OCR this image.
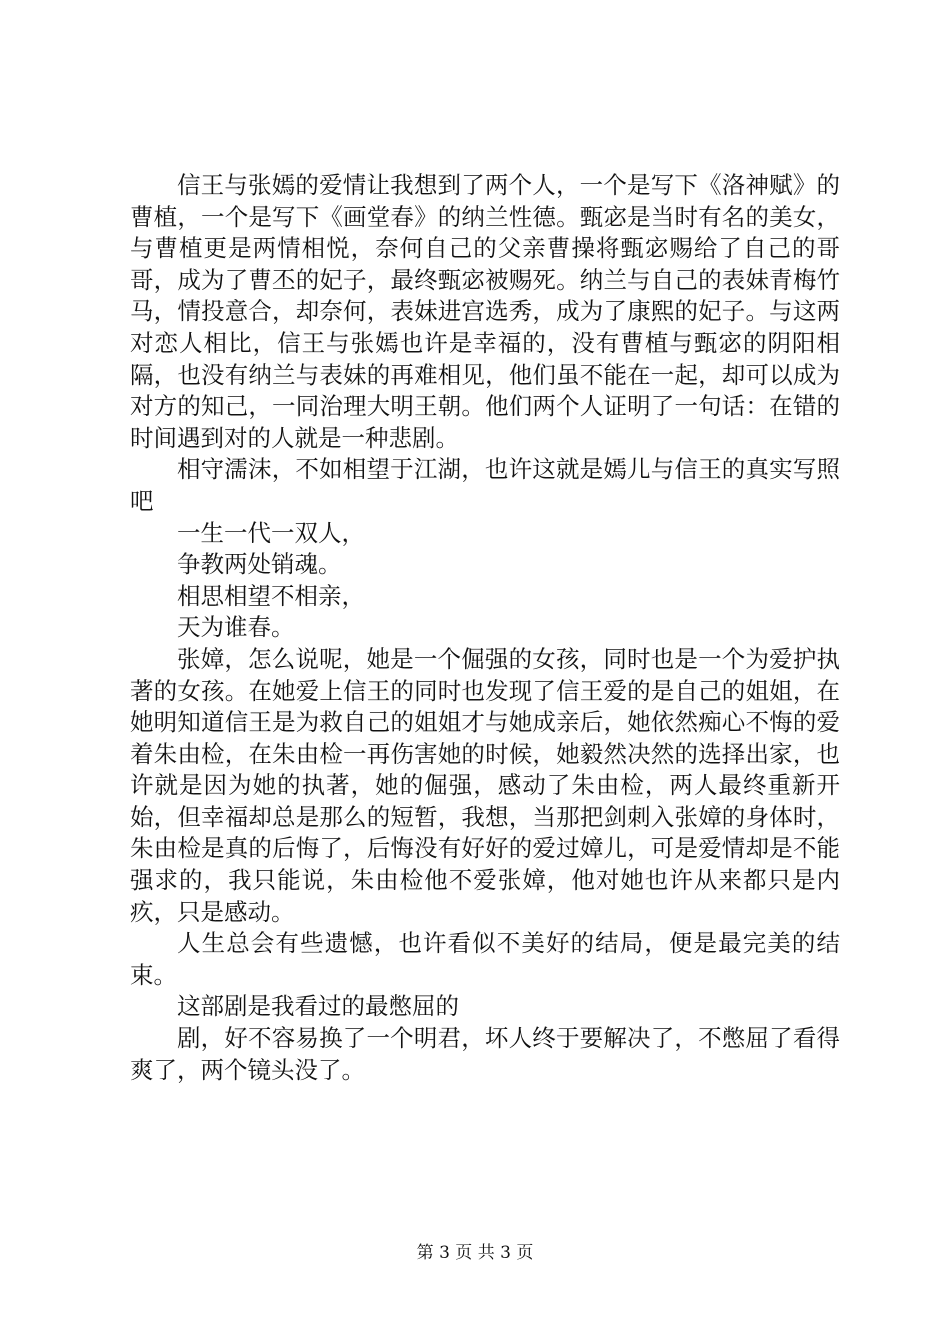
信王与张嫣的爱情让我想到了两个人，一个是写下《洛神赋》的曹植，一个是写下《画堂春》的纳兰性德。甄宓是当时有名的美女，与曹植更是两情相悦，奈何自己的父亲曹操将甄宓赐给了自己的哥哥，成为了曹丕的妃子，最终甄宓被赐死。纳兰与自己的表妹青梅竹马，情投意合，却奈何，表妹进宫选秀，成为了康熙的妃子。与这两对恋人相比，信王与张嫣也许是幸福的，没有曹植与甄宓的阴阳相隔，也没有纳兰与表妹的再难相见，他们虽不能在一起，却可以成为对方的知己，一同治理大明王朝。他们两个人证明了一句话：在错的时间遇到对的人就是一种悲剧。

相守濡沫，不如相望于江湖，也许这就是嫣儿与信王的真实写照吧

一生一代一双人，

争教两处销魂。

相思相望不相亲，

天为谁春。

张嫜，怎么说呢，她是一个倔强的女孩，同时也是一个为爱护执著的女孩。在她爱上信王的同时也发现了信王爱的是自己的姐姐，在她明知道信王是为救自己的姐姐才与她成亲后，她依然痴心不悔的爱着朱由检，在朱由检一再伤害她的时候，她毅然决然的选择出家，也许就是因为她的执著，她的倔强，感动了朱由检，两人最终重新开始，但幸福却总是那么的短暂，我想，当那把剑刺入张嫜的身体时，朱由检是真的后悔了，后悔没有好好的爱过嫜儿，可是爱情却是不能强求的，我只能说，朱由检他不爱张嫜，他对她也许从来都只是内疚，只是感动。

人生总会有些遗憾，也许看似不美好的结局，便是最完美的结束。

这部剧是我看过的最憋屈的

剧，好不容易换了一个明君，坏人终于要解决了，不憋屈了看得爽了，两个镜头没了。

第 3 页 共 3 页
